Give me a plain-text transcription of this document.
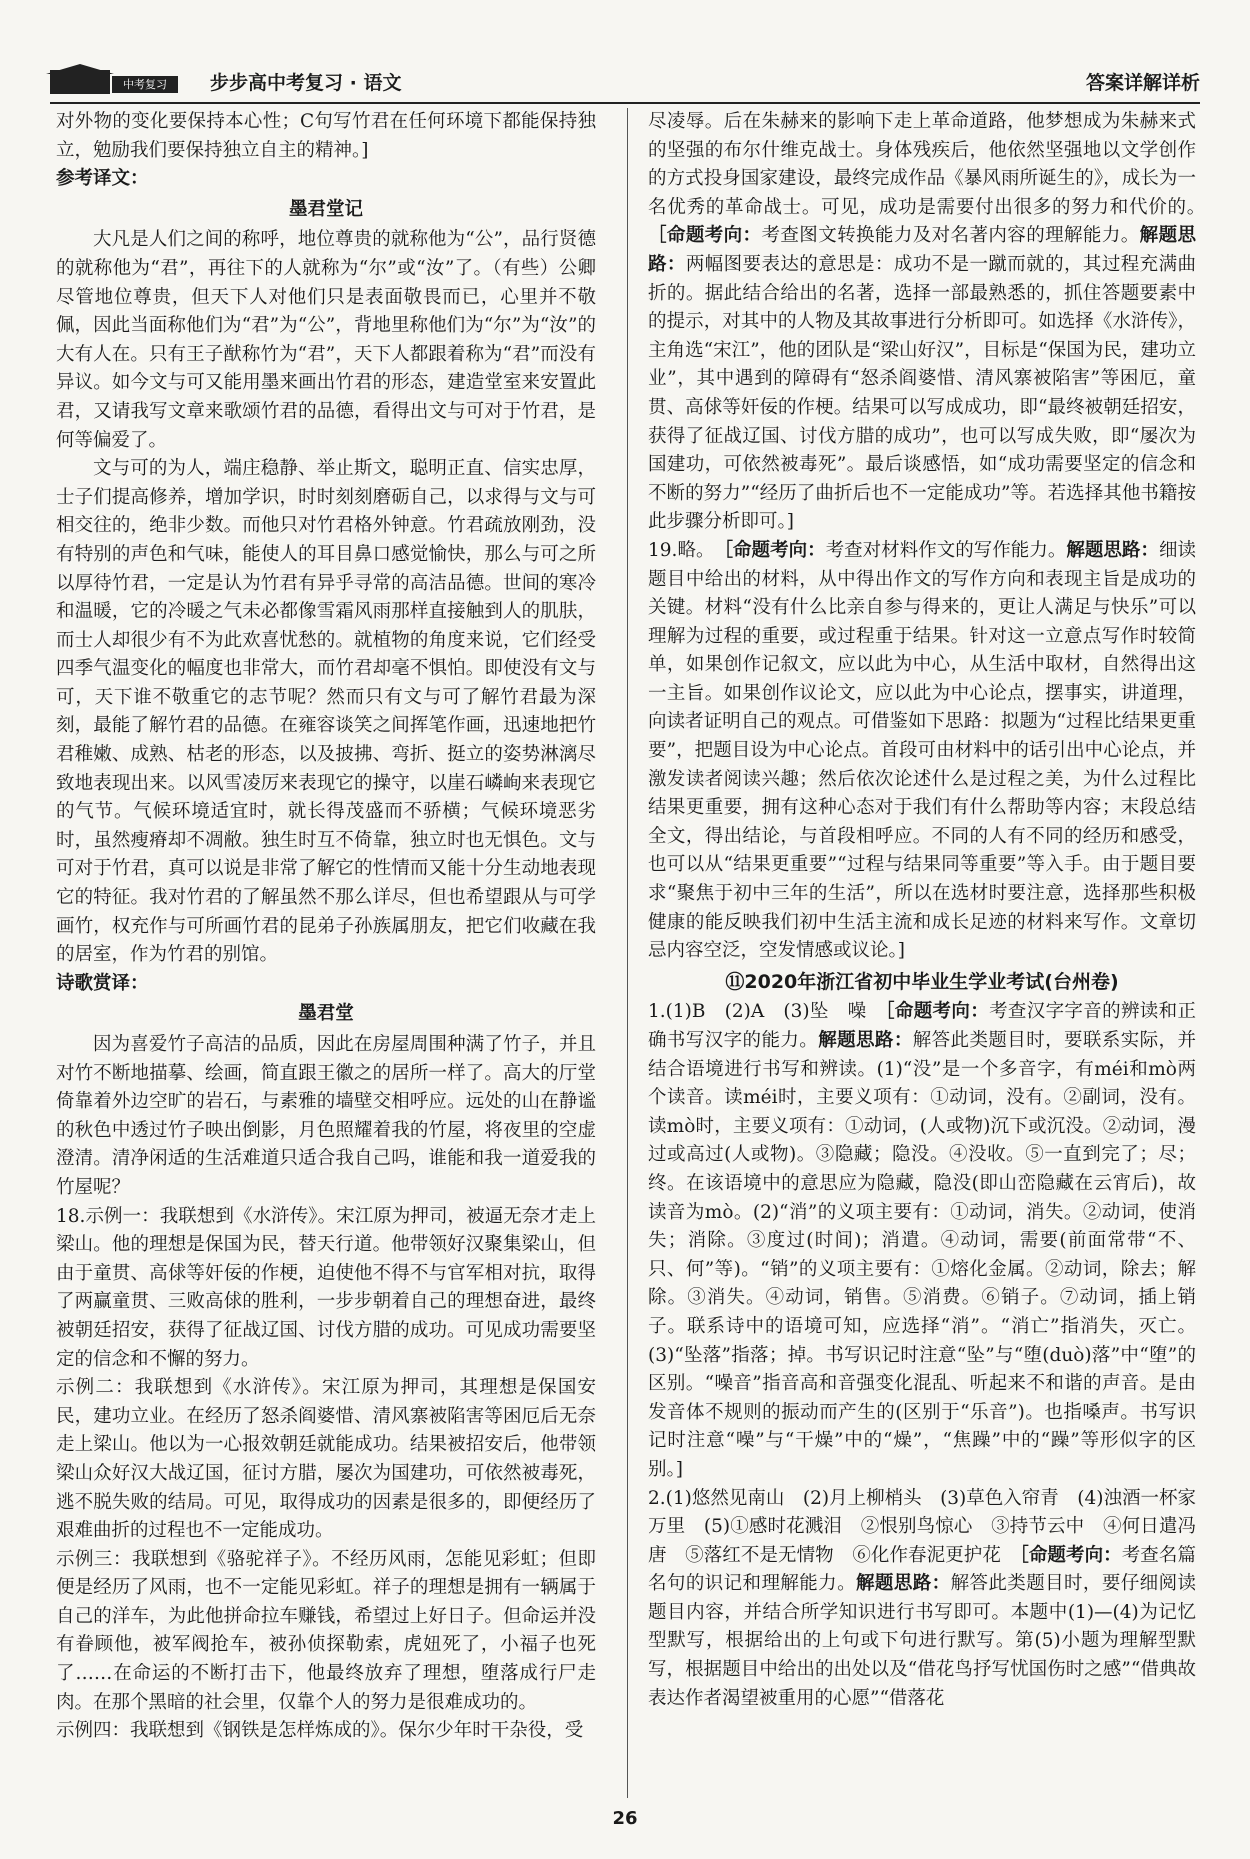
中考复习	步步高中考复习 · 语文	答案详解详析

对外物的变化要保持本心性；C句写竹君在任何环境下都能保持独立，勉励我们要保持独立自主的精神。]

参考译文：

墨君堂记

大凡是人们之间的称呼，地位尊贵的就称他为“公”，品行贤德的就称他为“君”，再往下的人就称为“尔”或“汝”了。（有些）公卿尽管地位尊贵，但天下人对他们只是表面敬畏而已，心里并不敬佩，因此当面称他们为“君”为“公”，背地里称他们为“尔”为“汝”的大有人在。只有王子猷称竹为“君”，天下人都跟着称为“君”而没有异议。如今文与可又能用墨来画出竹君的形态，建造堂室来安置此君，又请我写文章来歌颂竹君的品德，看得出文与可对于竹君，是何等偏爱了。

文与可的为人，端庄稳静、举止斯文，聪明正直、信实忠厚，士子们提高修养，增加学识，时时刻刻磨砺自己，以求得与文与可相交往的，绝非少数。而他只对竹君格外钟意。竹君疏放刚劲，没有特别的声色和气味，能使人的耳目鼻口感觉愉快，那么与可之所以厚待竹君，一定是认为竹君有异乎寻常的高洁品德。世间的寒冷和温暖，它的冷暖之气未必都像雪霜风雨那样直接触到人的肌肤，而士人却很少有不为此欢喜忧愁的。就植物的角度来说，它们经受四季气温变化的幅度也非常大，而竹君却毫不惧怕。即使没有文与可，天下谁不敬重它的志节呢？然而只有文与可了解竹君最为深刻，最能了解竹君的品德。在雍容谈笑之间挥笔作画，迅速地把竹君稚嫩、成熟、枯老的形态，以及披拂、弯折、挺立的姿势淋漓尽致地表现出来。以风雪凌厉来表现它的操守，以崖石嶙峋来表现它的气节。气候环境适宜时，就长得茂盛而不骄横；气候环境恶劣时，虽然瘦瘠却不凋敝。独生时互不倚靠，独立时也无惧色。文与可对于竹君，真可以说是非常了解它的性情而又能十分生动地表现它的特征。我对竹君的了解虽然不那么详尽，但也希望跟从与可学画竹，权充作与可所画竹君的昆弟子孙族属朋友，把它们收藏在我的居室，作为竹君的别馆。

诗歌赏译：

墨君堂

因为喜爱竹子高洁的品质，因此在房屋周围种满了竹子，并且对竹不断地描摹、绘画，简直跟王徽之的居所一样了。高大的厅堂倚靠着外边空旷的岩石，与素雅的墙壁交相呼应。远处的山在静谧的秋色中透过竹子映出倒影，月色照耀着我的竹屋，将夜里的空虚澄清。清净闲适的生活难道只适合我自己吗，谁能和我一道爱我的竹屋呢？

18.示例一：我联想到《水浒传》。宋江原为押司，被逼无奈才走上梁山。他的理想是保国为民，替天行道。他带领好汉聚集梁山，但由于童贯、高俅等奸佞的作梗，迫使他不得不与官军相对抗，取得了两赢童贯、三败高俅的胜利，一步步朝着自己的理想奋进，最终被朝廷招安，获得了征战辽国、讨伐方腊的成功。可见成功需要坚定的信念和不懈的努力。

示例二：我联想到《水浒传》。宋江原为押司，其理想是保国安民，建功立业。在经历了怒杀阎婆惜、清风寨被陷害等困厄后无奈走上梁山。他以为一心报效朝廷就能成功。结果被招安后，他带领梁山众好汉大战辽国，征讨方腊，屡次为国建功，可依然被毒死，逃不脱失败的结局。可见，取得成功的因素是很多的，即便经历了艰难曲折的过程也不一定能成功。

示例三：我联想到《骆驼祥子》。不经历风雨，怎能见彩虹；但即便是经历了风雨，也不一定能见彩虹。祥子的理想是拥有一辆属于自己的洋车，为此他拼命拉车赚钱，希望过上好日子。但命运并没有眷顾他，被军阀抢车，被孙侦探勒索，虎妞死了，小福子也死了……在命运的不断打击下，他最终放弃了理想，堕落成行尸走肉。在那个黑暗的社会里，仅靠个人的努力是很难成功的。

示例四：我联想到《钢铁是怎样炼成的》。保尔少年时干杂役，受

尽凌辱。后在朱赫来的影响下走上革命道路，他梦想成为朱赫来式的坚强的布尔什维克战士。身体残疾后，他依然坚强地以文学创作的方式投身国家建设，最终完成作品《暴风雨所诞生的》，成长为一名优秀的革命战士。可见，成功是需要付出很多的努力和代价的。　［命题考向：考查图文转换能力及对名著内容的理解能力。解题思路：两幅图要表达的意思是：成功不是一蹴而就的，其过程充满曲折的。据此结合给出的名著，选择一部最熟悉的，抓住答题要素中的提示，对其中的人物及其故事进行分析即可。如选择《水浒传》，主角选“宋江”，他的团队是“梁山好汉”，目标是“保国为民，建功立业”，其中遇到的障碍有“怒杀阎婆惜、清风寨被陷害”等困厄，童贯、高俅等奸佞的作梗。结果可以写成成功，即“最终被朝廷招安，获得了征战辽国、讨伐方腊的成功”，也可以写成失败，即“屡次为国建功，可依然被毒死”。最后谈感悟，如“成功需要坚定的信念和不断的努力”“经历了曲折后也不一定能成功”等。若选择其他书籍按此步骤分析即可。]

19.略。　 ［命题考向：考查对材料作文的写作能力。解题思路：细读题目中给出的材料，从中得出作文的写作方向和表现主旨是成功的关键。材料“没有什么比亲自参与得来的，更让人满足与快乐”可以理解为过程的重要，或过程重于结果。针对这一立意点写作时较简单，如果创作记叙文，应以此为中心，从生活中取材，自然得出这一主旨。如果创作议论文，应以此为中心论点，摆事实，讲道理，向读者证明自己的观点。可借鉴如下思路：拟题为“过程比结果更重要”，把题目设为中心论点。首段可由材料中的话引出中心论点，并激发读者阅读兴趣；然后依次论述什么是过程之美，为什么过程比结果更重要，拥有这种心态对于我们有什么帮助等内容；末段总结全文，得出结论，与首段相呼应。不同的人有不同的经历和感受，也可以从“结果更重要”“过程与结果同等重要”等入手。由于题目要求“聚焦于初中三年的生活”，所以在选材时要注意，选择那些积极健康的能反映我们初中生活主流和成长足迹的材料来写作。文章切忌内容空泛，空发情感或议论。]

⑪2020年浙江省初中毕业生学业考试(台州卷)

1.(1)B　(2)A　(3)坠　噪　 ［命题考向：考查汉字字音的辨读和正确书写汉字的能力。解题思路：解答此类题目时，要联系实际，并结合语境进行书写和辨读。(1)“没”是一个多音字，有méi和mò两个读音。读méi时，主要义项有：①动词，没有。②副词，没有。读mò时，主要义项有：①动词，(人或物)沉下或沉没。②动词，漫过或高过(人或物)。③隐藏；隐没。④没收。⑤一直到完了；尽；终。在该语境中的意思应为隐藏，隐没(即山峦隐藏在云宵后)，故读音为mò。(2)“消”的义项主要有：①动词，消失。②动词，使消失；消除。③度过(时间)；消遣。④动词，需要(前面常带“不、只、何”等)。“销”的义项主要有：①熔化金属。②动词，除去；解除。③消失。④动词，销售。⑤消费。⑥销子。⑦动词，插上销子。联系诗中的语境可知，应选择“消”。“消亡”指消失，灭亡。(3)“坠落”指落；掉。书写识记时注意“坠”与“堕(duò)落”中“堕”的区别。“噪音”指音高和音强变化混乱、听起来不和谐的声音。是由发音体不规则的振动而产生的(区别于“乐音”)。也指嗓声。书写识记时注意“噪”与“干燥”中的“燥”，“焦躁”中的“躁”等形似字的区别。]

2.(1)悠然见南山　(2)月上柳梢头　(3)草色入帘青　(4)浊酒一杯家万里　(5)①感时花溅泪　②恨别鸟惊心　③持节云中　④何日遣冯唐　⑤落红不是无情物　⑥化作春泥更护花　 ［命题考向：考查名篇名句的识记和理解能力。解题思路：解答此类题目时，要仔细阅读题目内容，并结合所学知识进行书写即可。本题中(1)—(4)为记忆型默写，根据给出的上句或下句进行默写。第(5)小题为理解型默写，根据题目中给出的出处以及“借花鸟抒写忧国伤时之感”“借典故表达作者渴望被重用的心愿”“借落花

26
